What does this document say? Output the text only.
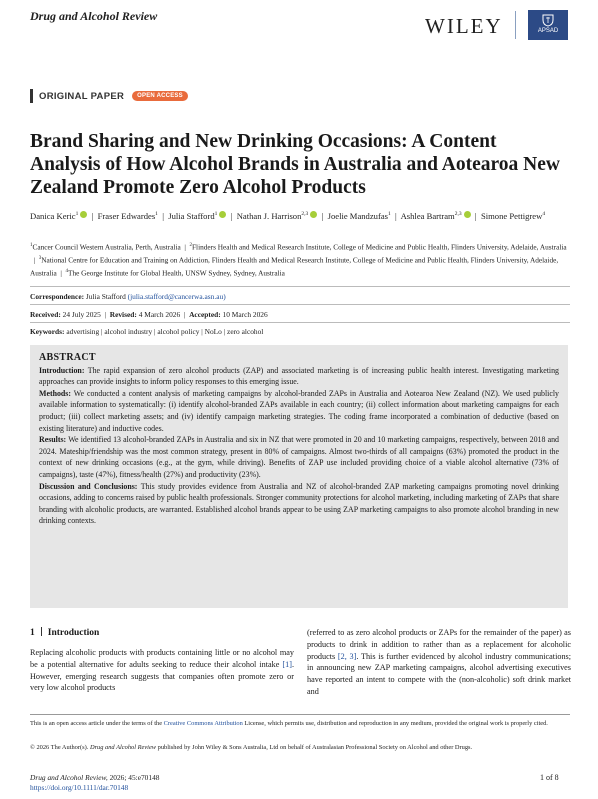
Drug and Alcohol Review	WILEY	APSAD
ORIGINAL PAPER	OPEN ACCESS
Brand Sharing and New Drinking Occasions: A Content Analysis of How Alcohol Brands in Australia and Aotearoa New Zealand Promote Zero Alcohol Products
Danica Keric$^1$  |  Fraser Edwardes$^1$  |  Julia Stafford$^1$  |  Nathan J. Harrison$^{2,3}$  |  Joelie Mandzufas$^1$  |  Ashlea Bartram$^{2,3}$  |  Simone Pettigrew$^4$
$^1$Cancer Council Western Australia, Perth, Australia  |  $^2$Flinders Health and Medical Research Institute, College of Medicine and Public Health, Flinders University, Adelaide, Australia  |  $^3$National Centre for Education and Training on Addiction, Flinders Health and Medical Research Institute, College of Medicine and Public Health, Flinders University, Adelaide, Australia  |  $^4$The George Institute for Global Health, UNSW Sydney, Sydney, Australia
Correspondence: Julia Stafford (julia.stafford@cancerwa.asn.au)
Received: 24 July 2025  |  Revised: 4 March 2026  |  Accepted: 10 March 2026
Keywords: advertising | alcohol industry | alcohol policy | NoLo | zero alcohol
ABSTRACT

Introduction: The rapid expansion of zero alcohol products (ZAP) and associated marketing is of increasing public health interest. Investigating marketing approaches can provide insights to inform policy responses to this emerging issue.

Methods: We conducted a content analysis of marketing campaigns by alcohol-branded ZAPs in Australia and Aotearoa New Zealand (NZ). We used publicly available information to systematically: (i) identify alcohol-branded ZAPs available in each country; (ii) collect information about marketing campaigns for each product; (iii) collect marketing assets; and (iv) identify campaign marketing strategies. The coding frame incorporated a combination of deductive (based on existing literature) and inductive codes.

Results: We identified 13 alcohol-branded ZAPs in Australia and six in NZ that were promoted in 20 and 10 marketing campaigns, respectively, between 2018 and 2024. Mateship/friendship was the most common strategy, present in 80% of campaigns. Almost two-thirds of all campaigns (63%) promoted the product in the context of new drinking occasions (e.g., at the gym, while driving). Benefits of ZAP use included providing choice of a viable alcohol alternative (73% of campaigns), taste (47%), fitness/health (27%) and productivity (23%).

Discussion and Conclusions: This study provides evidence from Australia and NZ of alcohol-branded ZAP marketing campaigns promoting novel drinking occasions, adding to concerns raised by public health professionals. Stronger community protections for alcohol marketing, including marketing of ZAPs that share branding with alcoholic products, are warranted. Established alcohol brands appear to be using ZAP marketing campaigns to also promote alcohol branding in new drinking contexts.

1 Introduction
Replacing alcoholic products with products containing little or no alcohol may be a potential alternative for adults seeking to reduce their alcohol intake [1]. However, emerging research suggests that companies often promote zero or very low alcohol products
(referred to as zero alcohol products or ZAPs for the remainder of the paper) as products to drink in addition to rather than as a replacement for alcoholic products [2, 3]. This is further evidenced by alcohol industry communications; in announcing new ZAP marketing campaigns, alcohol advertising executives have reported an intent to compete with the (non-alcoholic) soft drink market and
This is an open access article under the terms of the Creative Commons Attribution License, which permits use, distribution and reproduction in any medium, provided the original work is properly cited.
© 2026 The Author(s). Drug and Alcohol Review published by John Wiley & Sons Australia, Ltd on behalf of Australasian Professional Society on Alcohol and other Drugs.
Drug and Alcohol Review, 2026; 45:e70148
https://doi.org/10.1111/dar.70148
1 of 8
